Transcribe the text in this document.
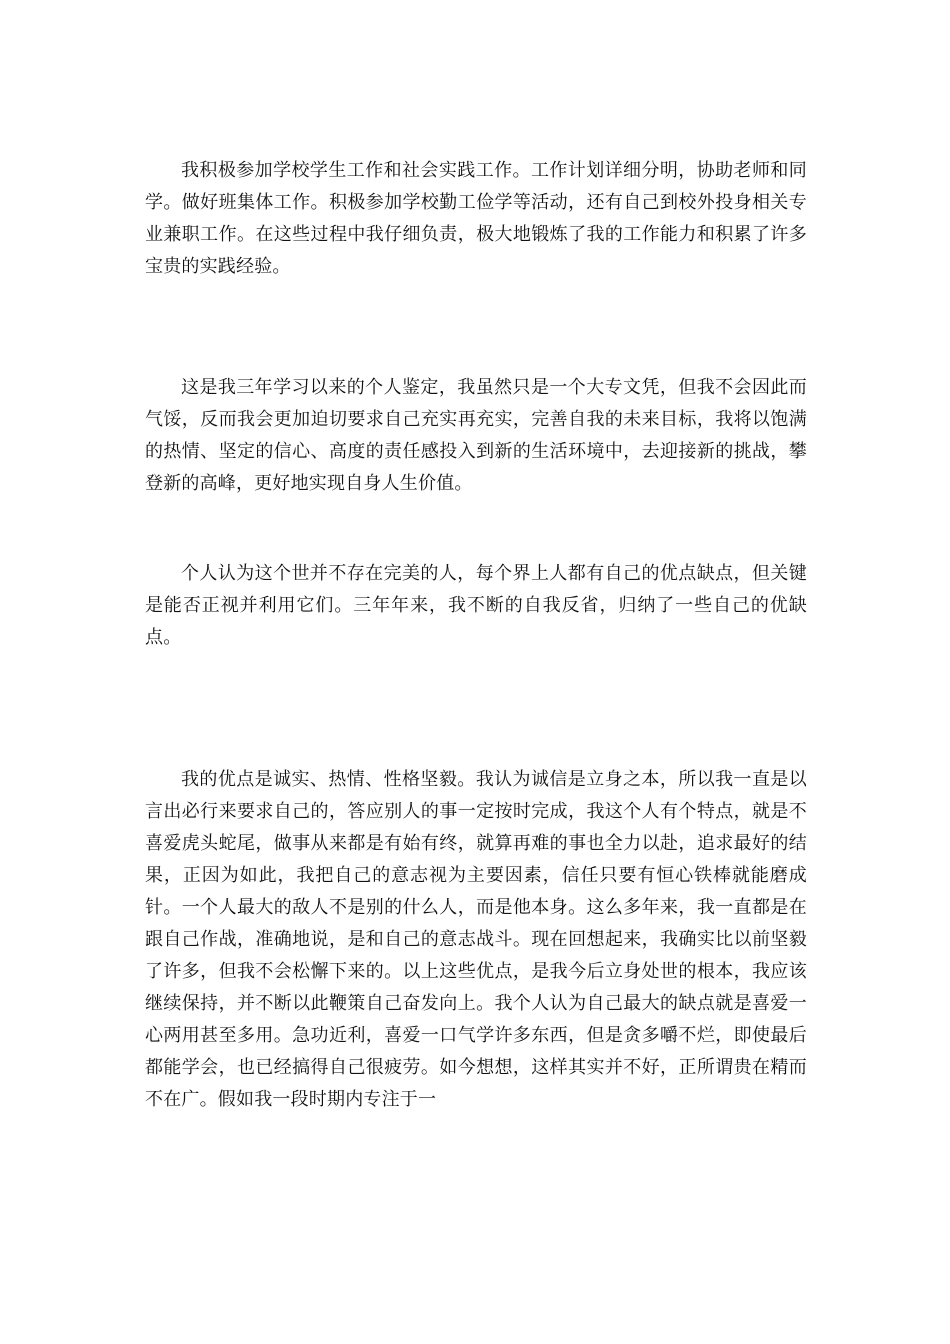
我积极参加学校学生工作和社会实践工作。工作计划详细分明，协助老师和同学。做好班集体工作。积极参加学校勤工俭学等活动，还有自己到校外投身相关专业兼职工作。在这些过程中我仔细负责，极大地锻炼了我的工作能力和积累了许多宝贵的实践经验。

这是我三年学习以来的个人鉴定，我虽然只是一个大专文凭，但我不会因此而气馁，反而我会更加迫切要求自己充实再充实，完善自我的未来目标，我将以饱满的热情、坚定的信心、高度的责任感投入到新的生活环境中，去迎接新的挑战，攀登新的高峰，更好地实现自身人生价值。

个人认为这个世并不存在完美的人，每个界上人都有自己的优点缺点，但关键是能否正视并利用它们。三年年来，我不断的自我反省，归纳了一些自己的优缺点。

我的优点是诚实、热情、性格坚毅。我认为诚信是立身之本，所以我一直是以言出必行来要求自己的，答应别人的事一定按时完成，我这个人有个特点，就是不喜爱虎头蛇尾，做事从来都是有始有终，就算再难的事也全力以赴，追求最好的结果，正因为如此，我把自己的意志视为主要因素，信任只要有恒心铁棒就能磨成针。一个人最大的敌人不是别的什么人，而是他本身。这么多年来，我一直都是在跟自己作战，准确地说，是和自己的意志战斗。现在回想起来，我确实比以前坚毅了许多，但我不会松懈下来的。以上这些优点，是我今后立身处世的根本，我应该继续保持，并不断以此鞭策自己奋发向上。我个人认为自己最大的缺点就是喜爱一心两用甚至多用。急功近利，喜爱一口气学许多东西，但是贪多嚼不烂，即使最后都能学会，也已经搞得自己很疲劳。如今想想，这样其实并不好，正所谓贵在精而不在广。假如我一段时期内专注于一
